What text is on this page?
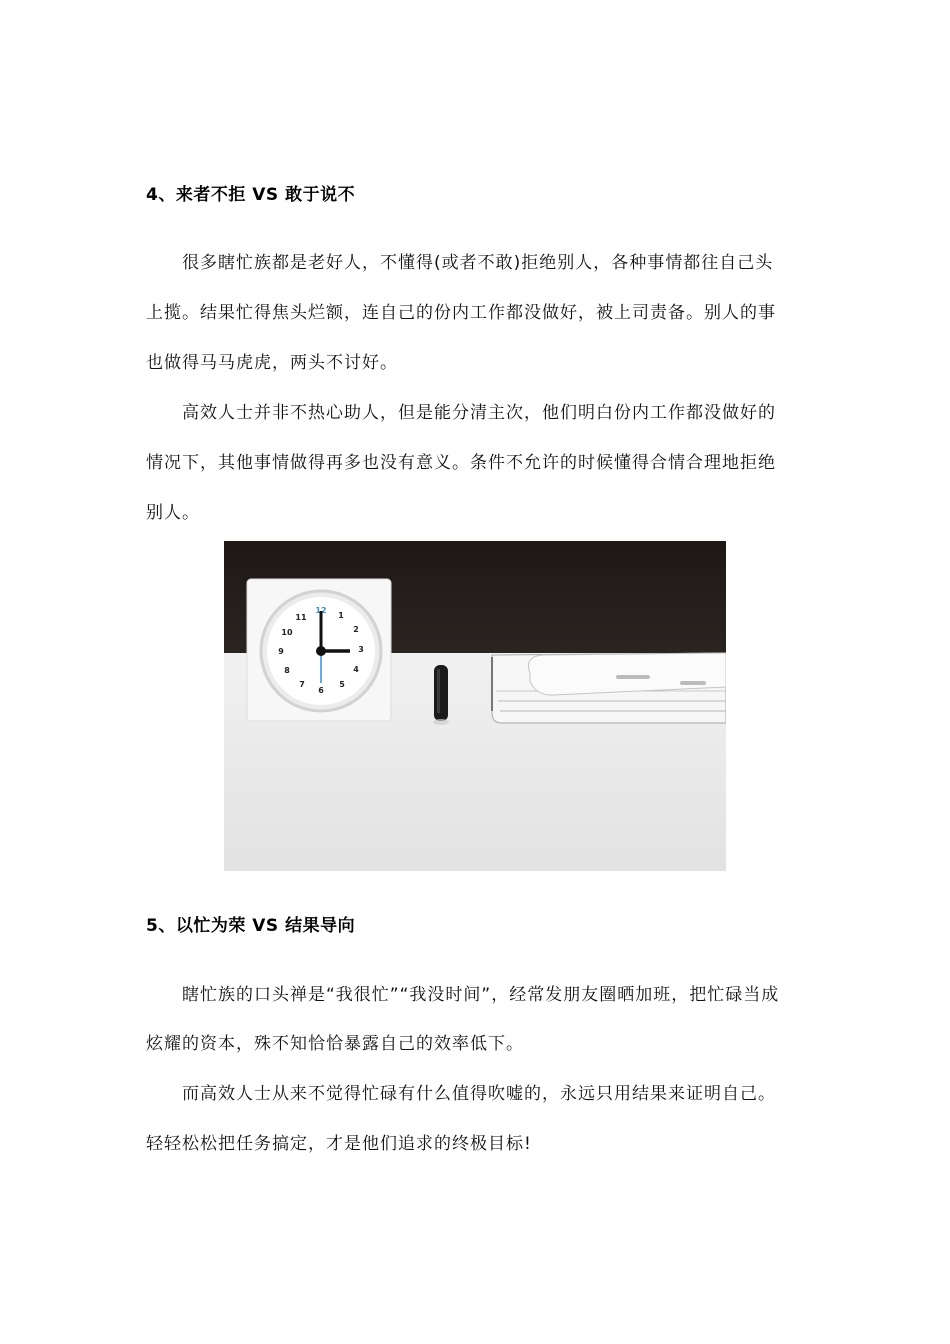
4、来者不拒 VS 敢于说不
很多瞎忙族都是老好人，不懂得(或者不敢)拒绝别人，各种事情都往自己头
上揽。结果忙得焦头烂额，连自己的份内工作都没做好，被上司责备。别人的事
也做得马马虎虎，两头不讨好。
高效人士并非不热心助人，但是能分清主次，他们明白份内工作都没做好的
情况下，其他事情做得再多也没有意义。条件不允许的时候懂得合情合理地拒绝
别人。
12
1
2
3
4
5
6
7
8
9
10
11
5、以忙为荣 VS 结果导向
瞎忙族的口头禅是“我很忙”“我没时间”，经常发朋友圈晒加班，把忙碌当成
炫耀的资本，殊不知恰恰暴露自己的效率低下。
而高效人士从来不觉得忙碌有什么值得吹嘘的，永远只用结果来证明自己。
轻轻松松把任务搞定，才是他们追求的终极目标!
